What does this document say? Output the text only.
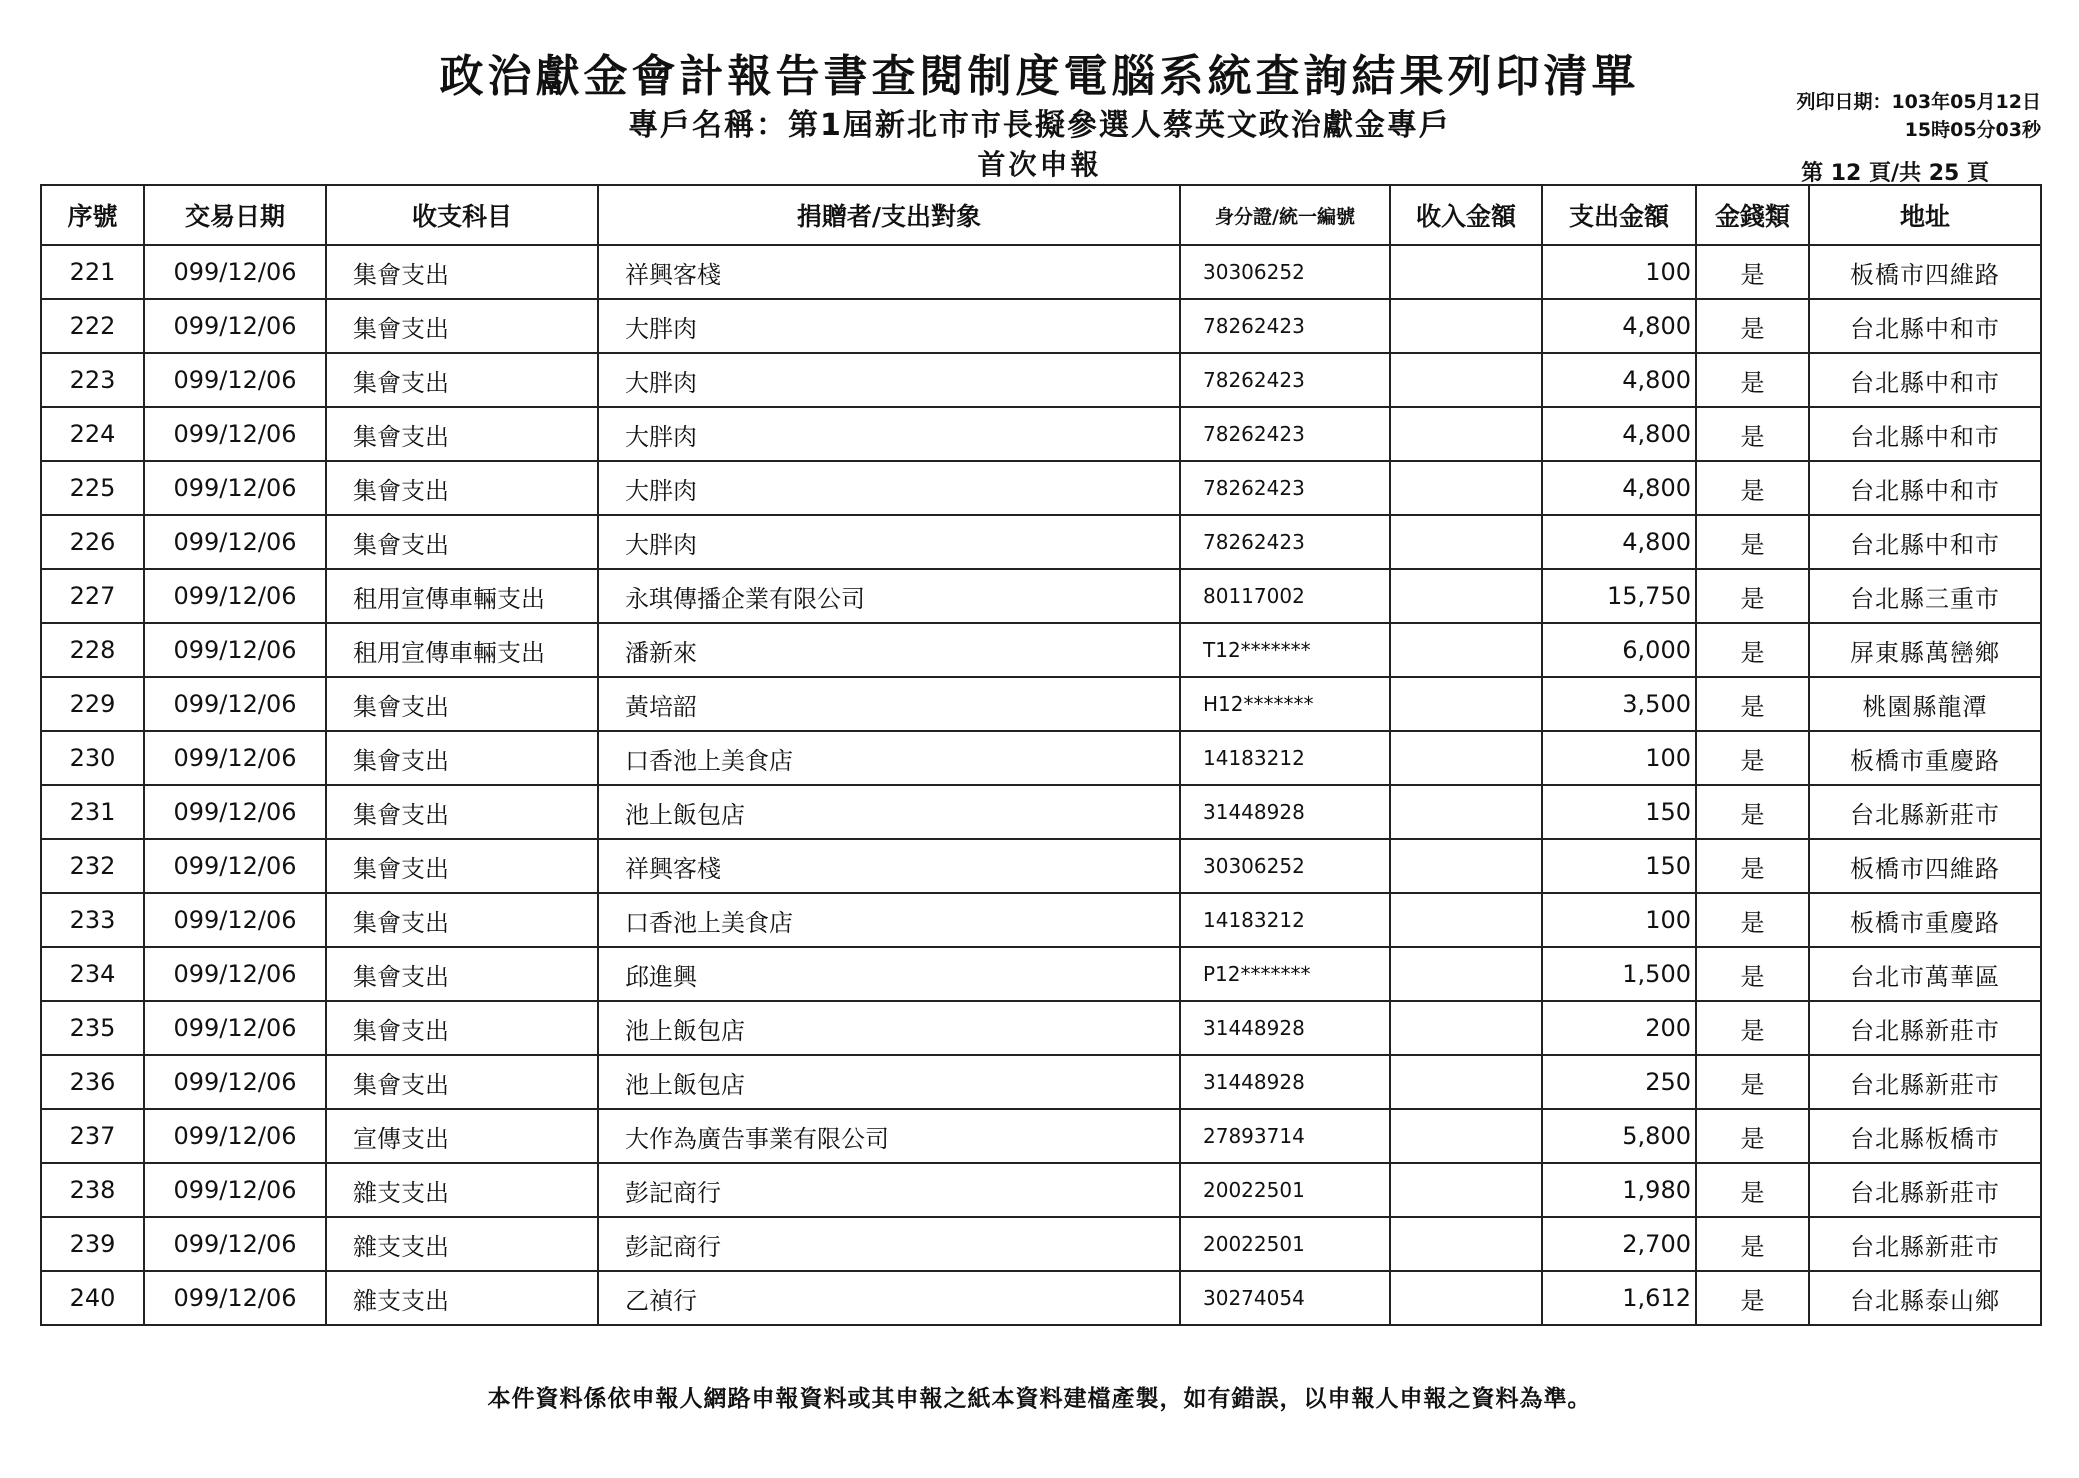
政治獻金會計報告書查閱制度電腦系統查詢結果列印清單
專戶名稱：第1屆新北市市長擬參選人蔡英文政治獻金專戶
首次申報
列印日期：103年05月12日
15時05分03秒
第 12 頁/共 25 頁
序號	交易日期	收支科目	捐贈者/支出對象	身分證/統一編號	收入金額	支出金額	金錢類	地址
221	099/12/06	集會支出	祥興客棧	30306252		100	是	板橋市四維路
222	099/12/06	集會支出	大胖肉	78262423		4,800	是	台北縣中和市
223	099/12/06	集會支出	大胖肉	78262423		4,800	是	台北縣中和市
224	099/12/06	集會支出	大胖肉	78262423		4,800	是	台北縣中和市
225	099/12/06	集會支出	大胖肉	78262423		4,800	是	台北縣中和市
226	099/12/06	集會支出	大胖肉	78262423		4,800	是	台北縣中和市
227	099/12/06	租用宣傳車輛支出	永琪傳播企業有限公司	80117002		15,750	是	台北縣三重市
228	099/12/06	租用宣傳車輛支出	潘新來	T12*******		6,000	是	屏東縣萬巒鄉
229	099/12/06	集會支出	黃培韶	H12*******		3,500	是	桃園縣龍潭
230	099/12/06	集會支出	口香池上美食店	14183212		100	是	板橋市重慶路
231	099/12/06	集會支出	池上飯包店	31448928		150	是	台北縣新莊市
232	099/12/06	集會支出	祥興客棧	30306252		150	是	板橋市四維路
233	099/12/06	集會支出	口香池上美食店	14183212		100	是	板橋市重慶路
234	099/12/06	集會支出	邱進興	P12*******		1,500	是	台北市萬華區
235	099/12/06	集會支出	池上飯包店	31448928		200	是	台北縣新莊市
236	099/12/06	集會支出	池上飯包店	31448928		250	是	台北縣新莊市
237	099/12/06	宣傳支出	大作為廣告事業有限公司	27893714		5,800	是	台北縣板橋市
238	099/12/06	雜支支出	彭記商行	20022501		1,980	是	台北縣新莊市
239	099/12/06	雜支支出	彭記商行	20022501		2,700	是	台北縣新莊市
240	099/12/06	雜支支出	乙禎行	30274054		1,612	是	台北縣泰山鄉
本件資料係依申報人網路申報資料或其申報之紙本資料建檔產製，如有錯誤，以申報人申報之資料為準。
